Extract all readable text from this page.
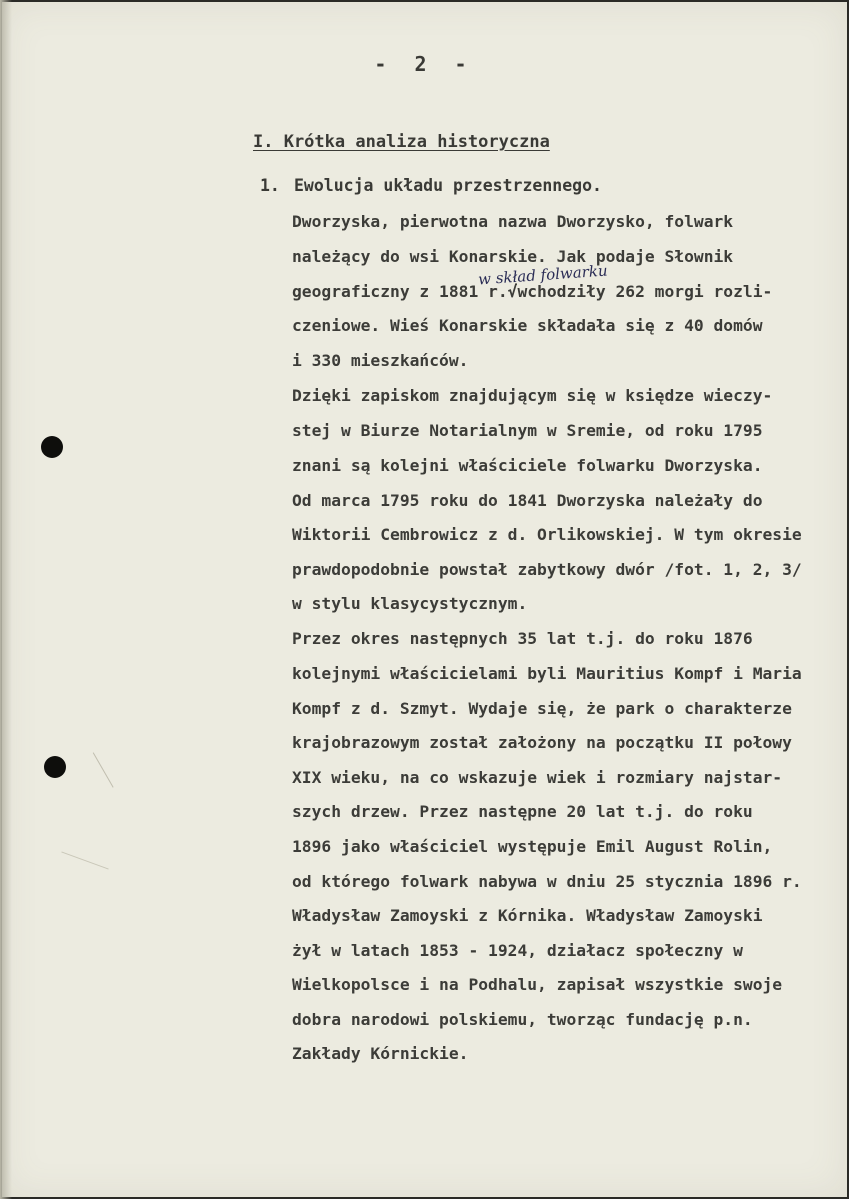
- 2 -
I. Krótka analiza historyczna
1. Ewolucja układu przestrzennego.
w skład folwarku
Dworzyska, pierwotna nazwa Dworzysko, folwark
należący do wsi Konarskie. Jak podaje Słownik
geograficzny z 1881 r.√wchodziły 262 morgi rozli-
czeniowe. Wieś Konarskie składała się z 40 domów
i 330 mieszkańców.
Dzięki zapiskom znajdującym się w księdze wieczy-
stej w Biurze Notarialnym w Sremie, od roku 1795
znani są kolejni właściciele folwarku Dworzyska.
Od marca 1795 roku do 1841 Dworzyska należały do
Wiktorii Cembrowicz z d. Orlikowskiej. W tym okresie
prawdopodobnie powstał zabytkowy dwór /fot. 1, 2, 3/
w stylu klasycystycznym.
Przez okres następnych 35 lat t.j. do roku 1876
kolejnymi właścicielami byli Mauritius Kompf i Maria
Kompf z d. Szmyt. Wydaje się, że park o charakterze
krajobrazowym został założony na początku II połowy
XIX wieku, na co wskazuje wiek i rozmiary najstar-
szych drzew. Przez następne 20 lat t.j. do roku
1896 jako właściciel występuje Emil August Rolin,
od którego folwark nabywa w dniu 25 stycznia 1896 r.
Władysław Zamoyski z Kórnika. Władysław Zamoyski
żył w latach 1853 - 1924, działacz społeczny w
Wielkopolsce i na Podhalu, zapisał wszystkie swoje
dobra narodowi polskiemu, tworząc fundację p.n.
Zakłady Kórnickie.
